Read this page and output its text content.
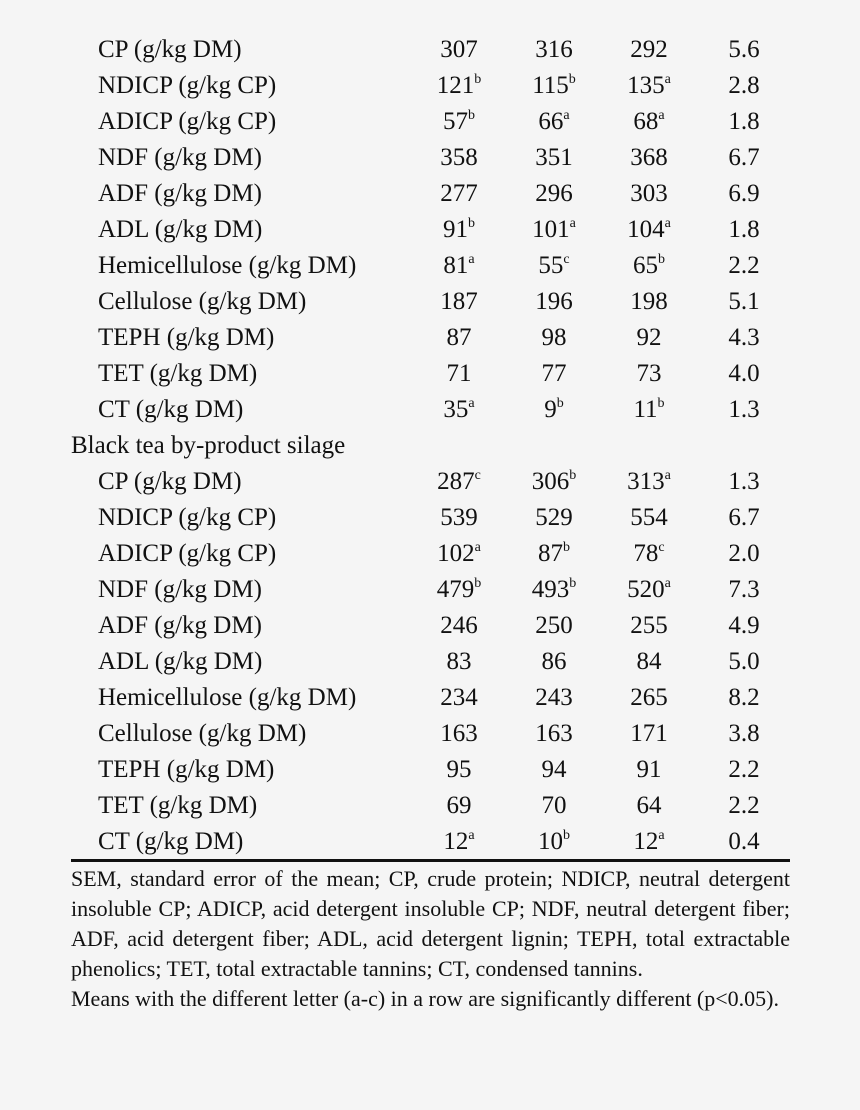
CP (g/kg DM)	307	316	292	5.6
NDICP (g/kg CP)	121$^b$	115$^b$	135$^a$	2.8
ADICP (g/kg CP)	57$^b$	66$^a$	68$^a$	1.8
NDF (g/kg DM)	358	351	368	6.7
ADF (g/kg DM)	277	296	303	6.9
ADL (g/kg DM)	91$^b$	101$^a$	104$^a$	1.8
Hemicellulose (g/kg DM)	81$^a$	55$^c$	65$^b$	2.2
Cellulose (g/kg DM)	187	196	198	5.1
TEPH (g/kg DM)	87	98	92	4.3
TET (g/kg DM)	71	77	73	4.0
CT (g/kg DM)	35$^a$	9$^b$	11$^b$	1.3
Black tea by-product silage
CP (g/kg DM)	287$^c$	306$^b$	313$^a$	1.3
NDICP (g/kg CP)	539	529	554	6.7
ADICP (g/kg CP)	102$^a$	87$^b$	78$^c$	2.0
NDF (g/kg DM)	479$^b$	493$^b$	520$^a$	7.3
ADF (g/kg DM)	246	250	255	4.9
ADL (g/kg DM)	83	86	84	5.0
Hemicellulose (g/kg DM)	234	243	265	8.2
Cellulose (g/kg DM)	163	163	171	3.8
TEPH (g/kg DM)	95	94	91	2.2
TET (g/kg DM)	69	70	64	2.2
CT (g/kg DM)	12$^a$	10$^b$	12$^a$	0.4

SEM, standard error of the mean; CP, crude protein; NDICP, neutral detergent insoluble CP; ADICP, acid detergent insoluble CP; NDF, neutral detergent fiber; ADF, acid detergent fiber; ADL, acid detergent lignin; TEPH, total extractable phenolics; TET, total extractable tannins; CT, condensed tannins.

Means with the different letter (a-c) in a row are significantly different (p<0.05).
